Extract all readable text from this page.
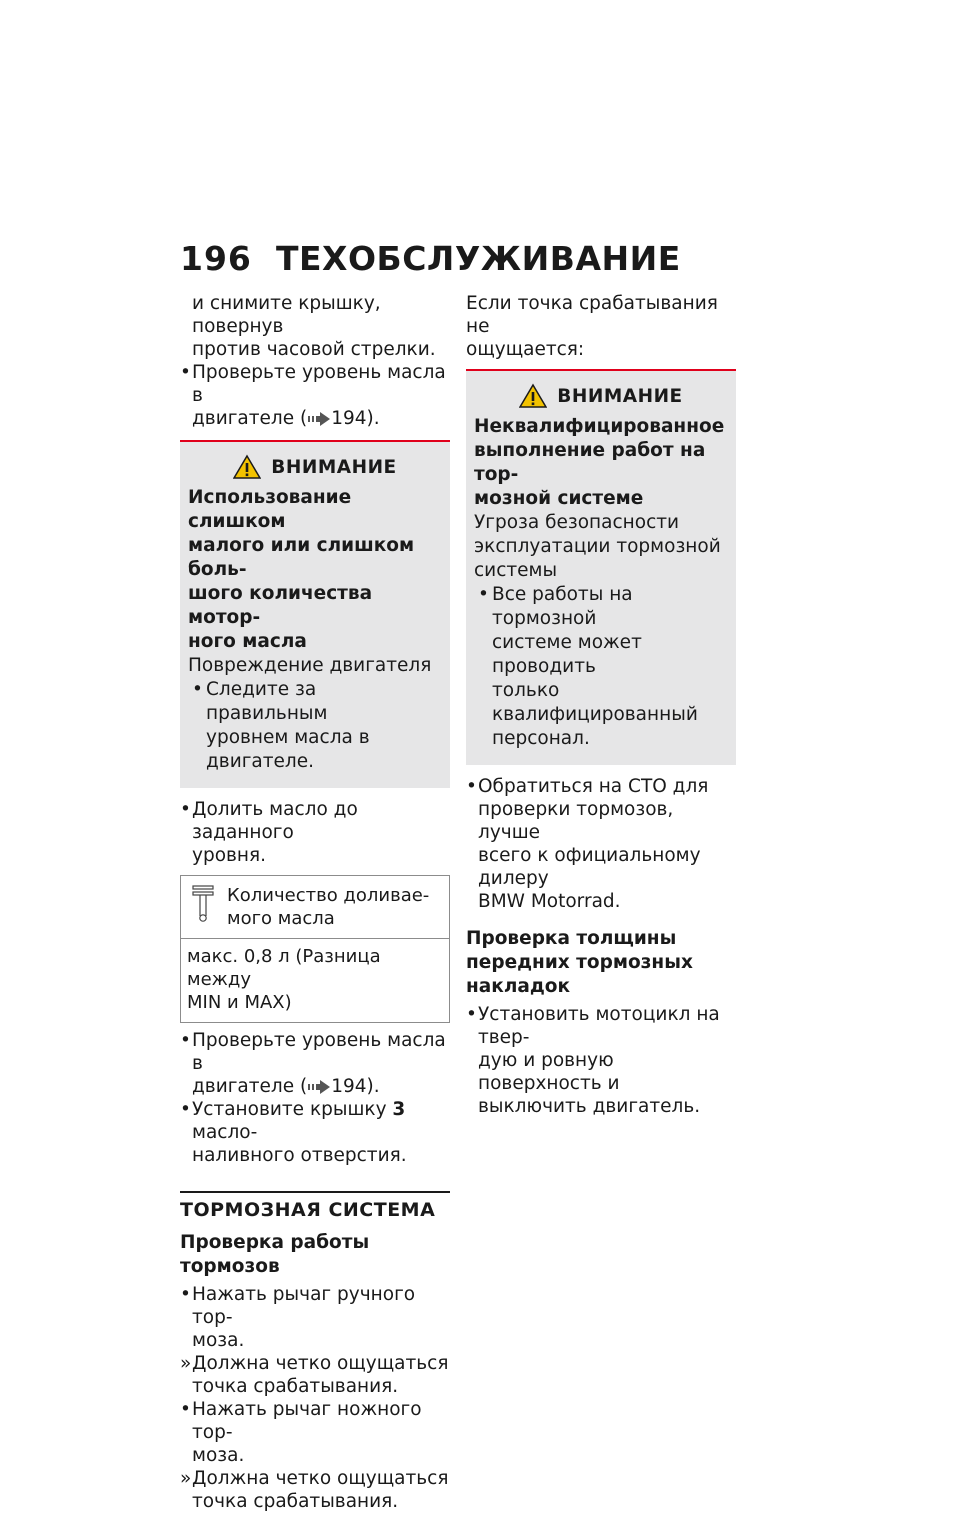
196 ТЕХОБСЛУЖИВАНИЕ

и снимите крышку, повернув
против часовой стрелки.

• Проверьте уровень масла в
двигателе ( 194).
ВНИМАНИЕ
Использование слишком
малого или слишком боль-
шого количества мотор-
ного масла
Повреждение двигателя
• Следите за правильным
уровнем масла в двигателе.
• Долить масло до заданного
уровня.
Количество доливае-
мого масла
макс. 0,8 л (Разница между
MIN и MAX)
• Проверьте уровень масла в
двигателе ( 194).
• Установите крышку 3 масло-
наливного отверстия.
ТОРМОЗНАЯ СИСТЕМА
Проверка работы тормозов
• Нажать рычаг ручного тор-
моза.
» Должна четко ощущаться
точка срабатывания.
• Нажать рычаг ножного тор-
моза.
» Должна четко ощущаться
точка срабатывания.

Если точка срабатывания не
ощущается:

ВНИМАНИЕ
Неквалифицированное
выполнение работ на тор-
мозной системе
Угроза безопасности
эксплуатации тормозной
системы
• Все работы на тормозной
системе может проводить
только квалифицированный
персонал.
• Обратиться на СТО для
проверки тормозов, лучше
всего к официальному дилеру
BMW Motorrad.
Проверка толщины
передних тормозных
накладок
• Установить мотоцикл на твер-
дую и ровную поверхность и
выключить двигатель.
